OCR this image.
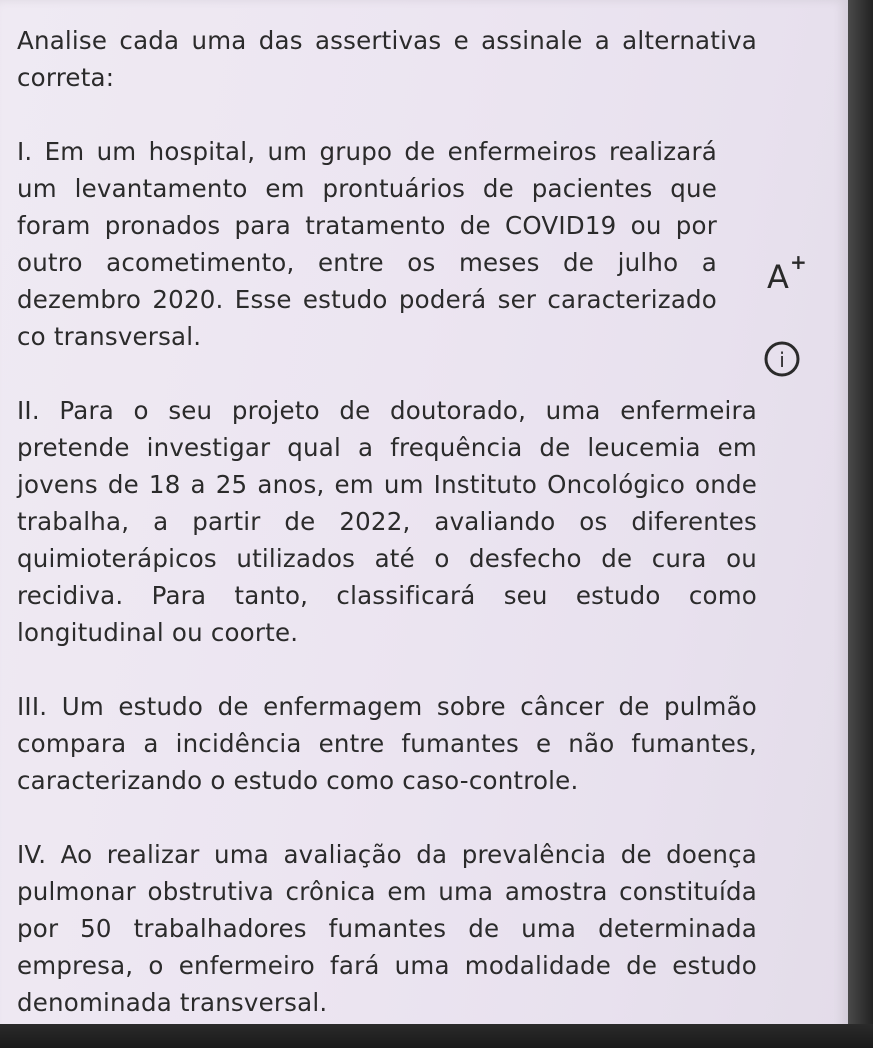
Analise cada uma das assertivas e assinale a alternativa correta:

I. Em um hospital, um grupo de enfermeiros realizará um levantamento em prontuários de pacientes que foram pronados para tratamento de COVID19 ou por outro acometimento, entre os meses de julho a dezembro 2020. Esse estudo poderá ser caracterizado co transversal.

II. Para o seu projeto de doutorado, uma enfermeira pretende investigar qual a frequência de leucemia em jovens de 18 a 25 anos, em um Instituto Oncológico onde trabalha, a partir de 2022, avaliando os diferentes quimioterápicos utilizados até o desfecho de cura ou recidiva. Para tanto, classificará seu estudo como longitudinal ou coorte.

III. Um estudo de enfermagem sobre câncer de pulmão compara a incidência entre fumantes e não fumantes, caracterizando o estudo como caso-controle.

IV. Ao realizar uma avaliação da prevalência de doença pulmonar obstrutiva crônica em uma amostra constituída por 50 trabalhadores fumantes de uma determinada empresa, o enfermeiro fará uma modalidade de estudo denominada transversal.

A +
i
